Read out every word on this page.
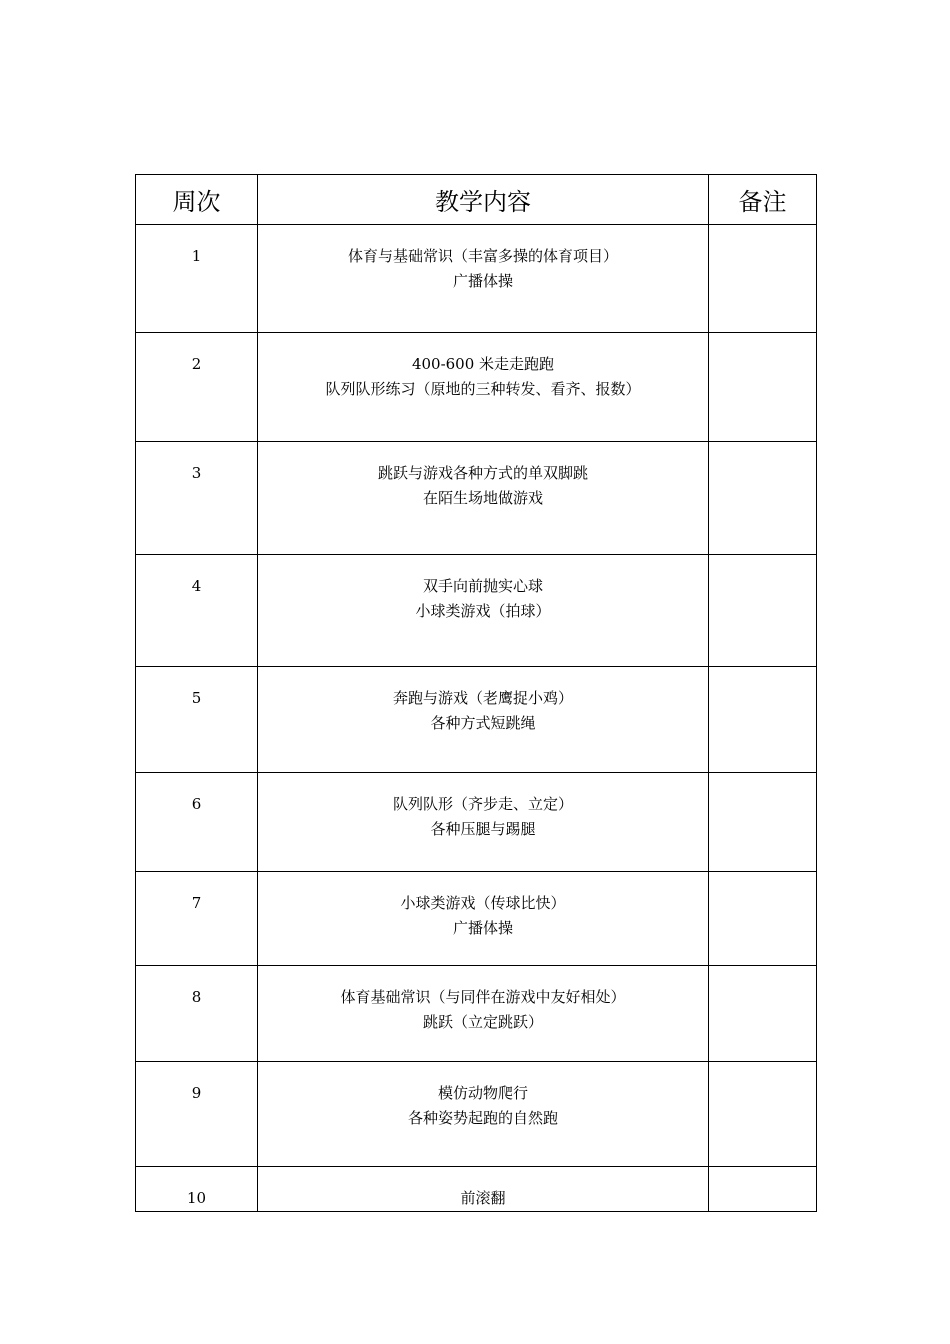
周次	教学内容	备注

1	体育与基础常识（丰富多操的体育项目）
广播体操	

2	400-600 米走走跑跑
队列队形练习（原地的三种转发、看齐、报数）	

3	跳跃与游戏各种方式的单双脚跳
在陌生场地做游戏	

4	双手向前抛实心球
小球类游戏（拍球）	

5	奔跑与游戏（老鹰捉小鸡）
各种方式短跳绳	

6	队列队形（齐步走、立定）
各种压腿与踢腿	

7	小球类游戏（传球比快）
广播体操	

8	体育基础常识（与同伴在游戏中友好相处）
跳跃（立定跳跃）	

9	模仿动物爬行
各种姿势起跑的自然跑	

10	前滚翻	
